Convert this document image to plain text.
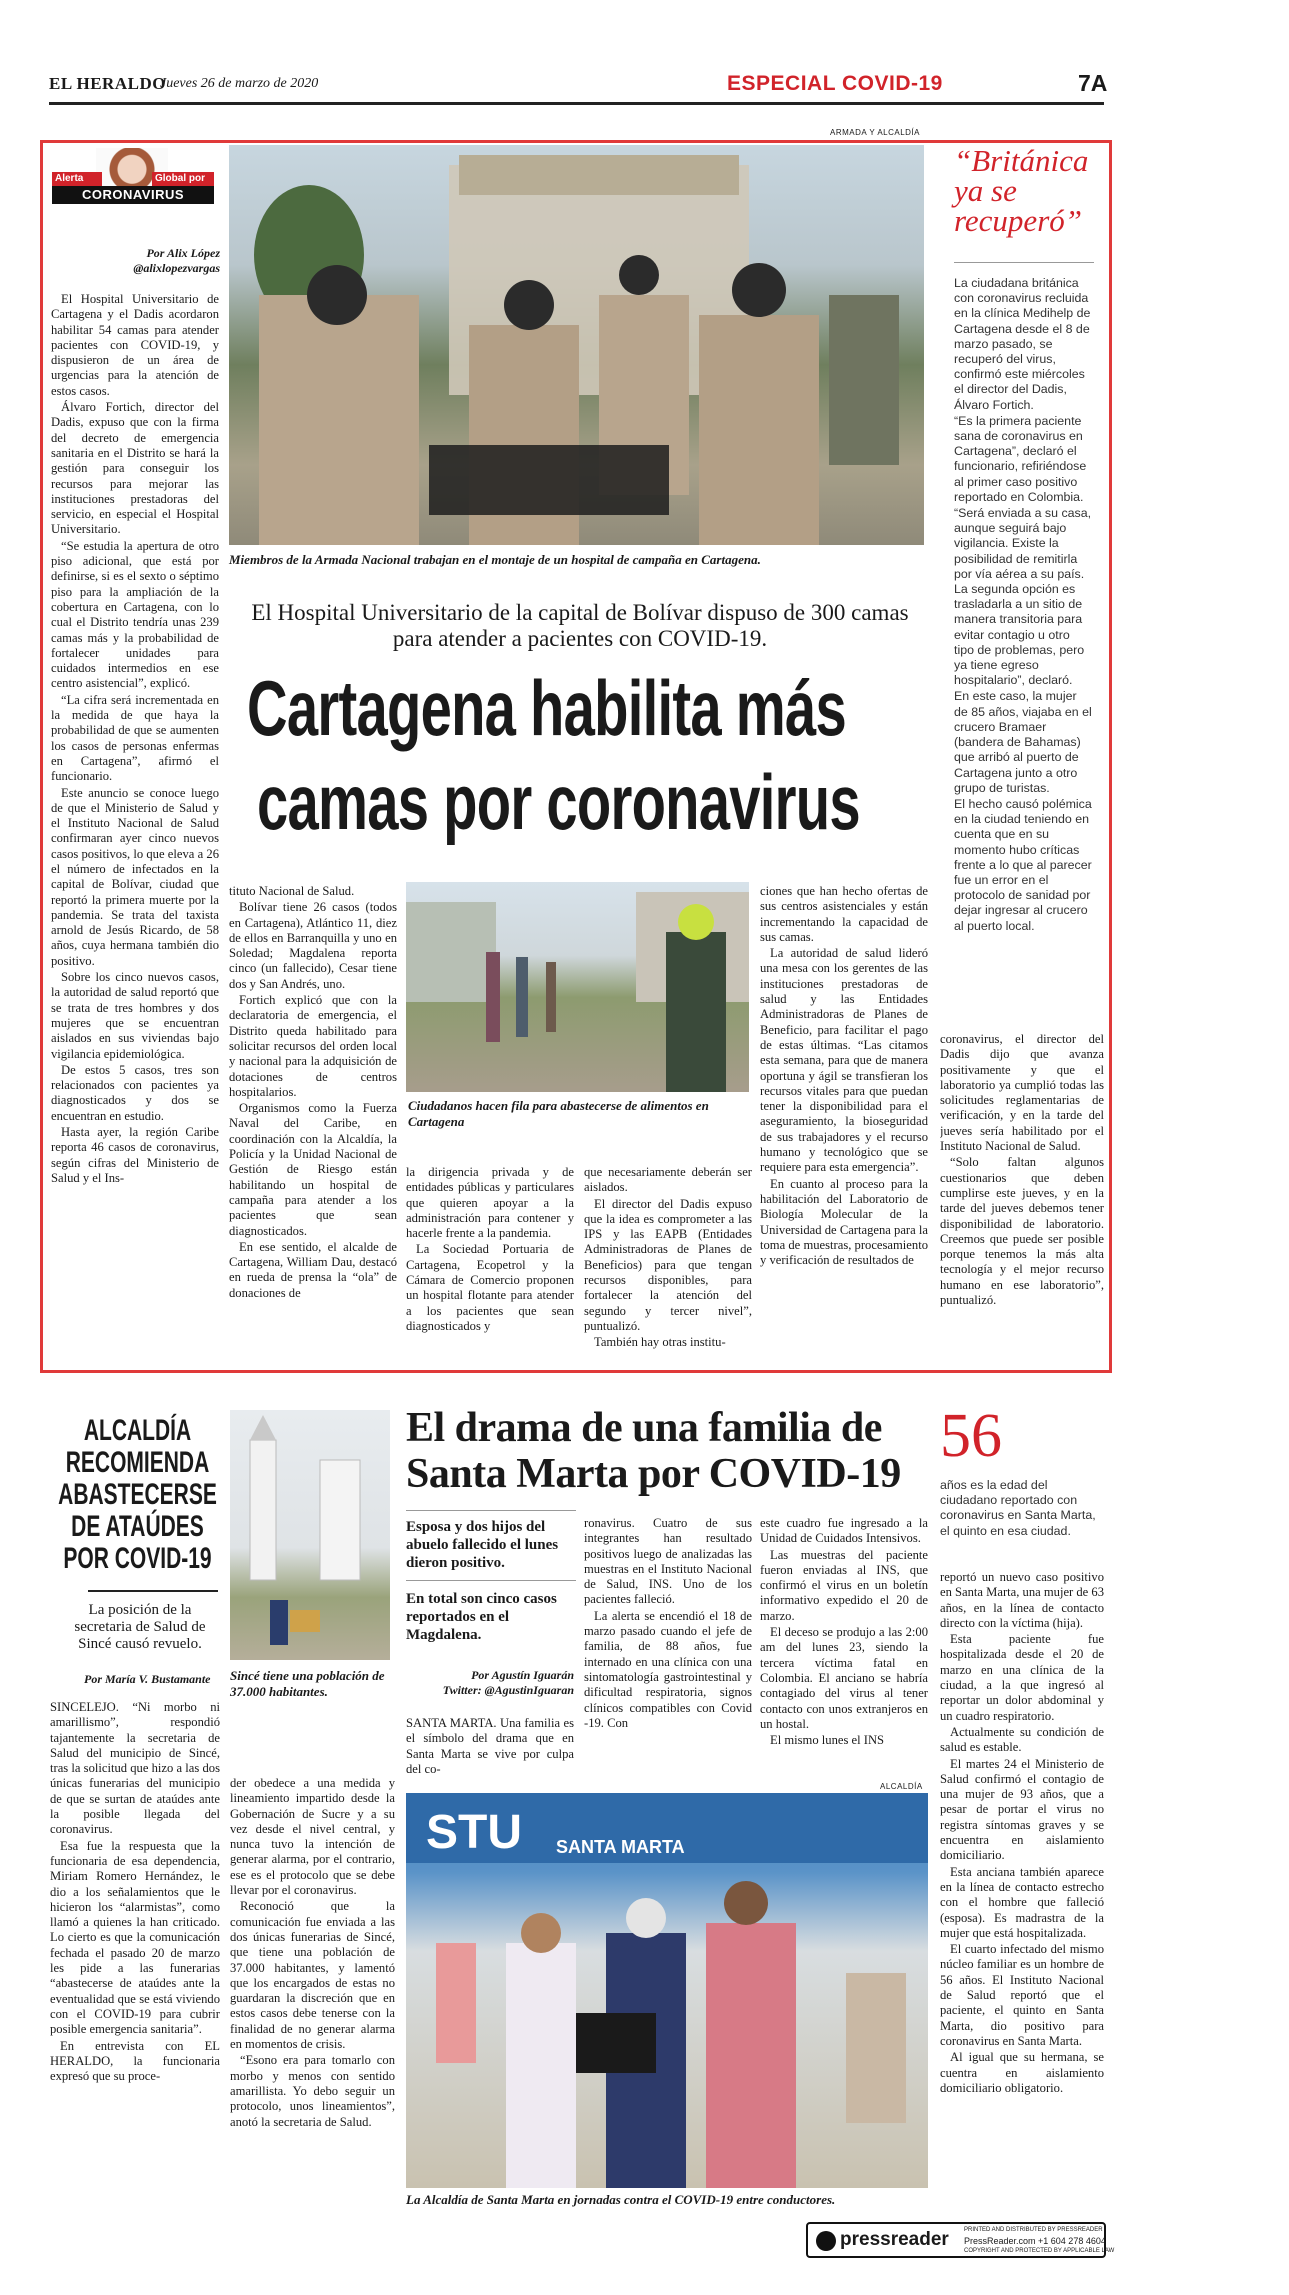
EL HERALDO
Jueves 26 de marzo de 2020	ESPECIAL COVID-19	7A
ARMADA Y ALCALDÍA
Alerta	Global por
CORONAVIRUS
Por Alix López
@alixlopezvargas
Miembros de la Armada Nacional trabajan en el montaje de un hospital de campaña en Cartagena.
El Hospital Universitario de la capital de Bolívar dispuso de 300 camas para atender a pacientes con COVID-19.
Cartagena habilita más
camas por coronavirus

El Hospital Universitario de Cartagena y el Dadis acordaron habilitar 54 camas para atender pacientes con COVID-19, y dispusieron de un área de urgencias para la atención de estos casos.

Álvaro Fortich, director del Dadis, expuso que con la firma del decreto de emergencia sanitaria en el Distrito se hará la gestión para conseguir los recursos para mejorar las instituciones prestadoras del servicio, en especial el Hospital Universitario.

“Se estudia la apertura de otro piso adicional, que está por definirse, si es el sexto o séptimo piso para la ampliación de la cobertura en Cartagena, con lo cual el Distrito tendría unas 239 camas más y la probabilidad de fortalecer unidades para cuidados intermedios en ese centro asistencial”, explicó.

“La cifra será incrementada en la medida de que haya la probabilidad de que se aumenten los casos de personas enfermas en Cartagena”, afirmó el funcionario.

Este anuncio se conoce luego de que el Ministerio de Salud y el Instituto Nacional de Salud confirmaran ayer cinco nuevos casos positivos, lo que eleva a 26 el número de infectados en la capital de Bolívar, ciudad que reportó la primera muerte por la pandemia. Se trata del taxista arnold de Jesús Ricardo, de 58 años, cuya hermana también dio positivo.

Sobre los cinco nuevos casos, la autoridad de salud reportó que se trata de tres hombres y dos mujeres que se encuentran aislados en sus viviendas bajo vigilancia epidemiológica.

De estos 5 casos, tres son relacionados con pacientes ya diagnosticados y dos se encuentran en estudio.

Hasta ayer, la región Caribe reporta 46 casos de coronavirus, según cifras del Ministerio de Salud y el Ins-

tituto Nacional de Salud.

Bolívar tiene 26 casos (todos en Cartagena), Atlántico 11, diez de ellos en Barranquilla y uno en Soledad; Magdalena reporta cinco (un fallecido), Cesar tiene dos y San Andrés, uno.

Fortich explicó que con la declaratoria de emergencia, el Distrito queda habilitado para solicitar recursos del orden local y nacional para la adquisición de dotaciones de centros hospitalarios.

Organismos como la Fuerza Naval del Caribe, en coordinación con la Alcaldía, la Policía y la Unidad Nacional de Gestión de Riesgo están habilitando un hospital de campaña para atender a los pacientes que sean diagnosticados.

En ese sentido, el alcalde de Cartagena, William Dau, destacó en rueda de prensa la “ola” de donaciones de

Ciudadanos hacen fila para abastecerse de alimentos en Cartagena

la dirigencia privada y de entidades públicas y particulares que quieren apoyar a la administración para contener y hacerle frente a la pandemia.

La Sociedad Portuaria de Cartagena, Ecopetrol y la Cámara de Comercio proponen un hospital flotante para atender a los pacientes que sean diagnosticados y

que necesariamente deberán ser aislados.

El director del Dadis expuso que la idea es comprometer a las IPS y las EAPB (Entidades Administradoras de Planes de Beneficios) para que tengan recursos disponibles, para fortalecer la atención del segundo y tercer nivel”, puntualizó.

También hay otras institu-

ciones que han hecho ofertas de sus centros asistenciales y están incrementando la capacidad de sus camas.

La autoridad de salud lideró una mesa con los gerentes de las instituciones prestadoras de salud y las Entidades Administradoras de Planes de Beneficio, para facilitar el pago de estas últimas. “Las citamos esta semana, para que de manera oportuna y ágil se transfieran los recursos vitales para que puedan tener la disponibilidad para el aseguramiento, la bioseguridad de sus trabajadores y el recurso humano y tecnológico que se requiere para esta emergencia”.

En cuanto al proceso para la habilitación del Laboratorio de Biología Molecular de la Universidad de Cartagena para la toma de muestras, procesamiento y verificación de resultados de

“Británica ya se recuperó”

La ciudadana británica con coronavirus recluida en la clínica Medihelp de Cartagena desde el 8 de marzo pasado, se recuperó del virus, confirmó este miércoles el director del Dadis, Álvaro Fortich.

“Es la primera paciente sana de coronavirus en Cartagena”, declaró el funcionario, refiriéndose al primer caso positivo reportado en Colombia.

“Será enviada a su casa, aunque seguirá bajo vigilancia. Existe la posibilidad de remitirla por vía aérea a su país. La segunda opción es trasladarla a un sitio de manera transitoria para evitar contagio u otro tipo de problemas, pero ya tiene egreso hospitalario”, declaró.

En este caso, la mujer de 85 años, viajaba en el crucero Bramaer (bandera de Bahamas) que arribó al puerto de Cartagena junto a otro grupo de turistas.

El hecho causó polémica en la ciudad teniendo en cuenta que en su momento hubo críticas frente a lo que al parecer fue un error en el protocolo de sanidad por dejar ingresar al crucero al puerto local.

coronavirus, el director del Dadis dijo que avanza positivamente y que el laboratorio ya cumplió todas las solicitudes reglamentarias de verificación, y en la tarde del jueves sería habilitado por el Instituto Nacional de Salud.

“Solo faltan algunos cuestionarios que deben cumplirse este jueves, y en la tarde del jueves debemos tener disponibilidad de laboratorio. Creemos que puede ser posible porque tenemos la más alta tecnología y el mejor recurso humano en ese laboratorio”, puntualizó.

ALCALDÍA RECOMIENDA ABASTECERSE DE ATAÚDES POR COVID-19
La posición de la secretaria de Salud de Sincé causó revuelo.
Por María V. Bustamante Sincé tiene una población de 37.000 habitantes.

SINCELEJO. “Ni morbo ni amarillismo”, respondió tajantemente la secretaria de Salud del municipio de Sincé, tras la solicitud que hizo a las dos únicas funerarias del municipio de que se surtan de ataúdes ante la posible llegada del coronavirus.

Esa fue la respuesta que la funcionaria de esa dependencia, Miriam Romero Hernández, le dio a los señalamientos que le hicieron los “alarmistas”, como llamó a quienes la han criticado. Lo cierto es que la comunicación fechada el pasado 20 de marzo les pide a las funerarias “abastecerse de ataúdes ante la eventualidad que se está viviendo con el COVID-19 para cubrir posible emergencia sanitaria”.

En entrevista con EL HERALDO, la funcionaria expresó que su proce-

der obedece a una medida y lineamiento impartido desde la Gobernación de Sucre y a su vez desde el nivel central, y nunca tuvo la intención de generar alarma, por el contrario, ese es el protocolo que se debe llevar por el coronavirus.

Reconoció que la comunicación fue enviada a las dos únicas funerarias de Sincé, que tiene una población de 37.000 habitantes, y lamentó que los encargados de estas no guardaran la discreción que en estos casos debe tenerse con la finalidad de no generar alarma en momentos de crisis.

“Esono era para tomarlo con morbo y menos con sentido amarillista. Yo debo seguir un protocolo, unos lineamientos”, anotó la secretaria de Salud.

El drama de una familia de Santa Marta por COVID-19
Esposa y dos hijos del abuelo fallecido el lunes dieron positivo.
En total son cinco casos reportados en el Magdalena.
Por Agustín Iguarán
Twitter: @AgustinIguaran

SANTA MARTA. Una familia es el símbolo del drama que en Santa Marta se vive por culpa del co-

ronavirus. Cuatro de sus integrantes han resultado positivos luego de analizadas las muestras en el Instituto Nacional de Salud, INS. Uno de los pacientes falleció.

La alerta se encendió el 18 de marzo pasado cuando el jefe de familia, de 88 años, fue internado en una clínica con una sintomatología gastrointestinal y dificultad respiratoria, signos clínicos compatibles con Covid -19. Con

este cuadro fue ingresado a la Unidad de Cuidados Intensivos.

Las muestras del paciente fueron enviadas al INS, que confirmó el virus en un boletín informativo expedido el 20 de marzo.

El deceso se produjo a las 2:00 am del lunes 23, siendo la tercera víctima fatal en Colombia. El anciano se habría contagiado del virus al tener contacto con unos extranjeros en un hostal.

El mismo lunes el INS

56
años es la edad del ciudadano reportado con coronavirus en Santa Marta, el quinto en esa ciudad.

reportó un nuevo caso positivo en Santa Marta, una mujer de 63 años, en la línea de contacto directo con la víctima (hija).

Esta paciente fue hospitalizada desde el 20 de marzo en una clínica de la ciudad, a la que ingresó al reportar un dolor abdominal y un cuadro respiratorio.

Actualmente su condición de salud es estable.

El martes 24 el Ministerio de Salud confirmó el contagio de una mujer de 93 años, que a pesar de portar el virus no registra síntomas graves y se encuentra en aislamiento domiciliario.

Esta anciana también aparece en la línea de contacto estrecho con el hombre que falleció (esposa). Es madrastra de la mujer que está hospitalizada.

El cuarto infectado del mismo núcleo familiar es un hombre de 56 años. El Instituto Nacional de Salud reportó que el paciente, el quinto en Santa Marta, dio positivo para coronavirus en Santa Marta.

Al igual que su hermana, se cuentra en aislamiento domiciliario obligatorio.

ALCALDÍA
STU SANTA MARTA
La Alcaldía de Santa Marta en jornadas contra el COVID-19 entre conductores.
pressreader	PRINTED AND DISTRIBUTED BY PRESSREADER
PressReader.com +1 604 278 4604
COPYRIGHT AND PROTECTED BY APPLICABLE LAW
